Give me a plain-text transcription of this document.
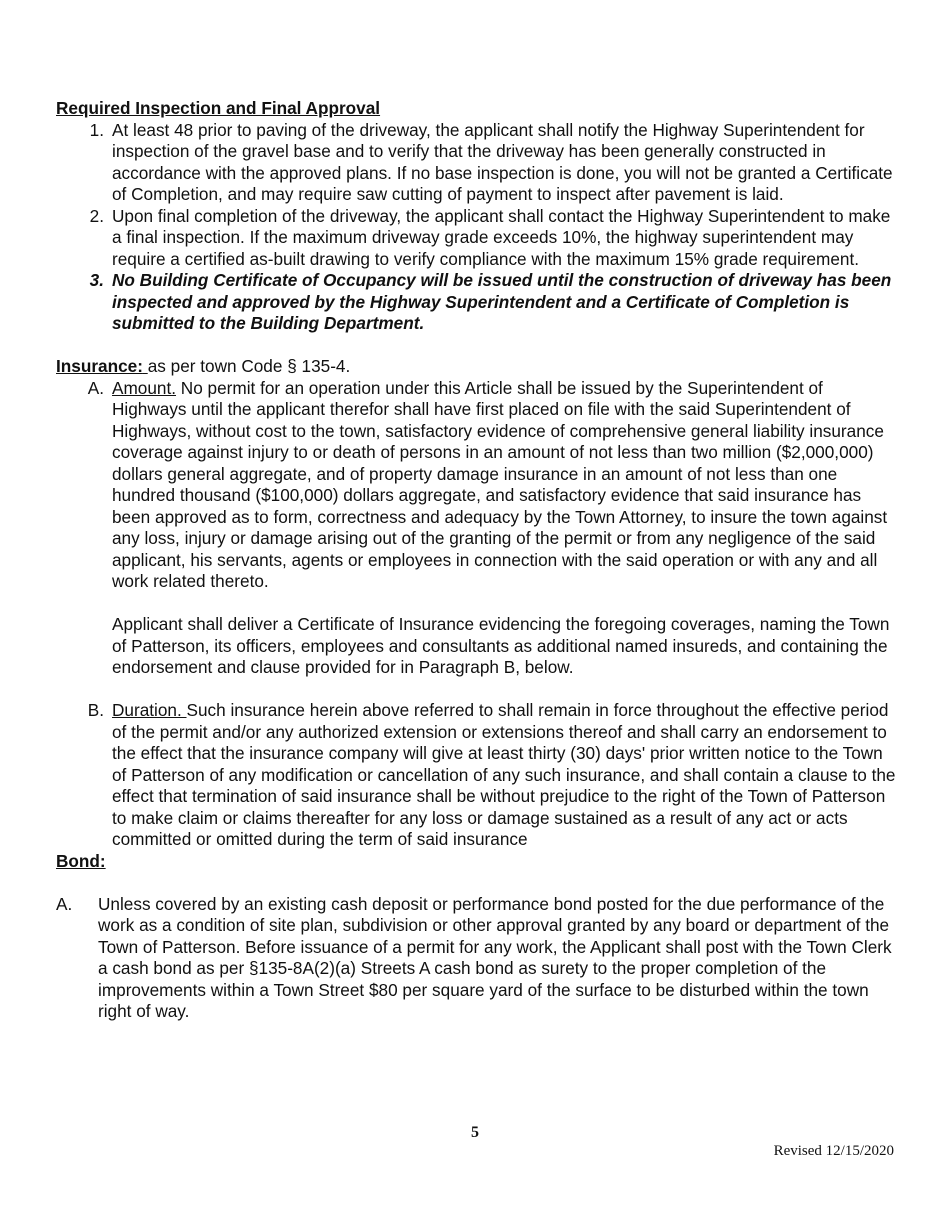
Required Inspection and Final Approval
1. At least 48 prior to paving of the driveway, the applicant shall notify the Highway Superintendent for inspection of the gravel base and to verify that the driveway has been generally constructed in accordance with the approved plans. If no base inspection is done, you will not be granted a Certificate of Completion, and may require saw cutting of payment to inspect after pavement is laid.
2. Upon final completion of the driveway, the applicant shall contact the Highway Superintendent to make a final inspection. If the maximum driveway grade exceeds 10%, the highway superintendent may require a certified as-built drawing to verify compliance with the maximum 15% grade requirement.
3. No Building Certificate of Occupancy will be issued until the construction of driveway has been inspected and approved by the Highway Superintendent and a Certificate of Completion is submitted to the Building Department.
Insurance: as per town Code § 135-4.
A. Amount. No permit for an operation under this Article shall be issued by the Superintendent of Highways until the applicant therefor shall have first placed on file with the said Superintendent of Highways, without cost to the town, satisfactory evidence of comprehensive general liability insurance coverage against injury to or death of persons in an amount of not less than two million ($2,000,000) dollars general aggregate, and of property damage insurance in an amount of not less than one hundred thousand ($100,000) dollars aggregate, and satisfactory evidence that said insurance has been approved as to form, correctness and adequacy by the Town Attorney, to insure the town against any loss, injury or damage arising out of the granting of the permit or from any negligence of the said applicant, his servants, agents or employees in connection with the said operation or with any and all work related thereto.
Applicant shall deliver a Certificate of Insurance evidencing the foregoing coverages, naming the Town of Patterson, its officers, employees and consultants as additional named insureds, and containing the endorsement and clause provided for in Paragraph B, below.
B. Duration. Such insurance herein above referred to shall remain in force throughout the effective period of the permit and/or any authorized extension or extensions thereof and shall carry an endorsement to the effect that the insurance company will give at least thirty (30) days' prior written notice to the Town of Patterson of any modification or cancellation of any such insurance, and shall contain a clause to the effect that termination of said insurance shall be without prejudice to the right of the Town of Patterson to make claim or claims thereafter for any loss or damage sustained as a result of any act or acts committed or omitted during the term of said insurance
Bond:
A. Unless covered by an existing cash deposit or performance bond posted for the due performance of the work as a condition of site plan, subdivision or other approval granted by any board or department of the Town of Patterson. Before issuance of a permit for any work, the Applicant shall post with the Town Clerk a cash bond as per §135-8A(2)(a) Streets A cash bond as surety to the proper completion of the improvements within a Town Street $80 per square yard of the surface to be disturbed within the town right of way.
5
Revised 12/15/2020
